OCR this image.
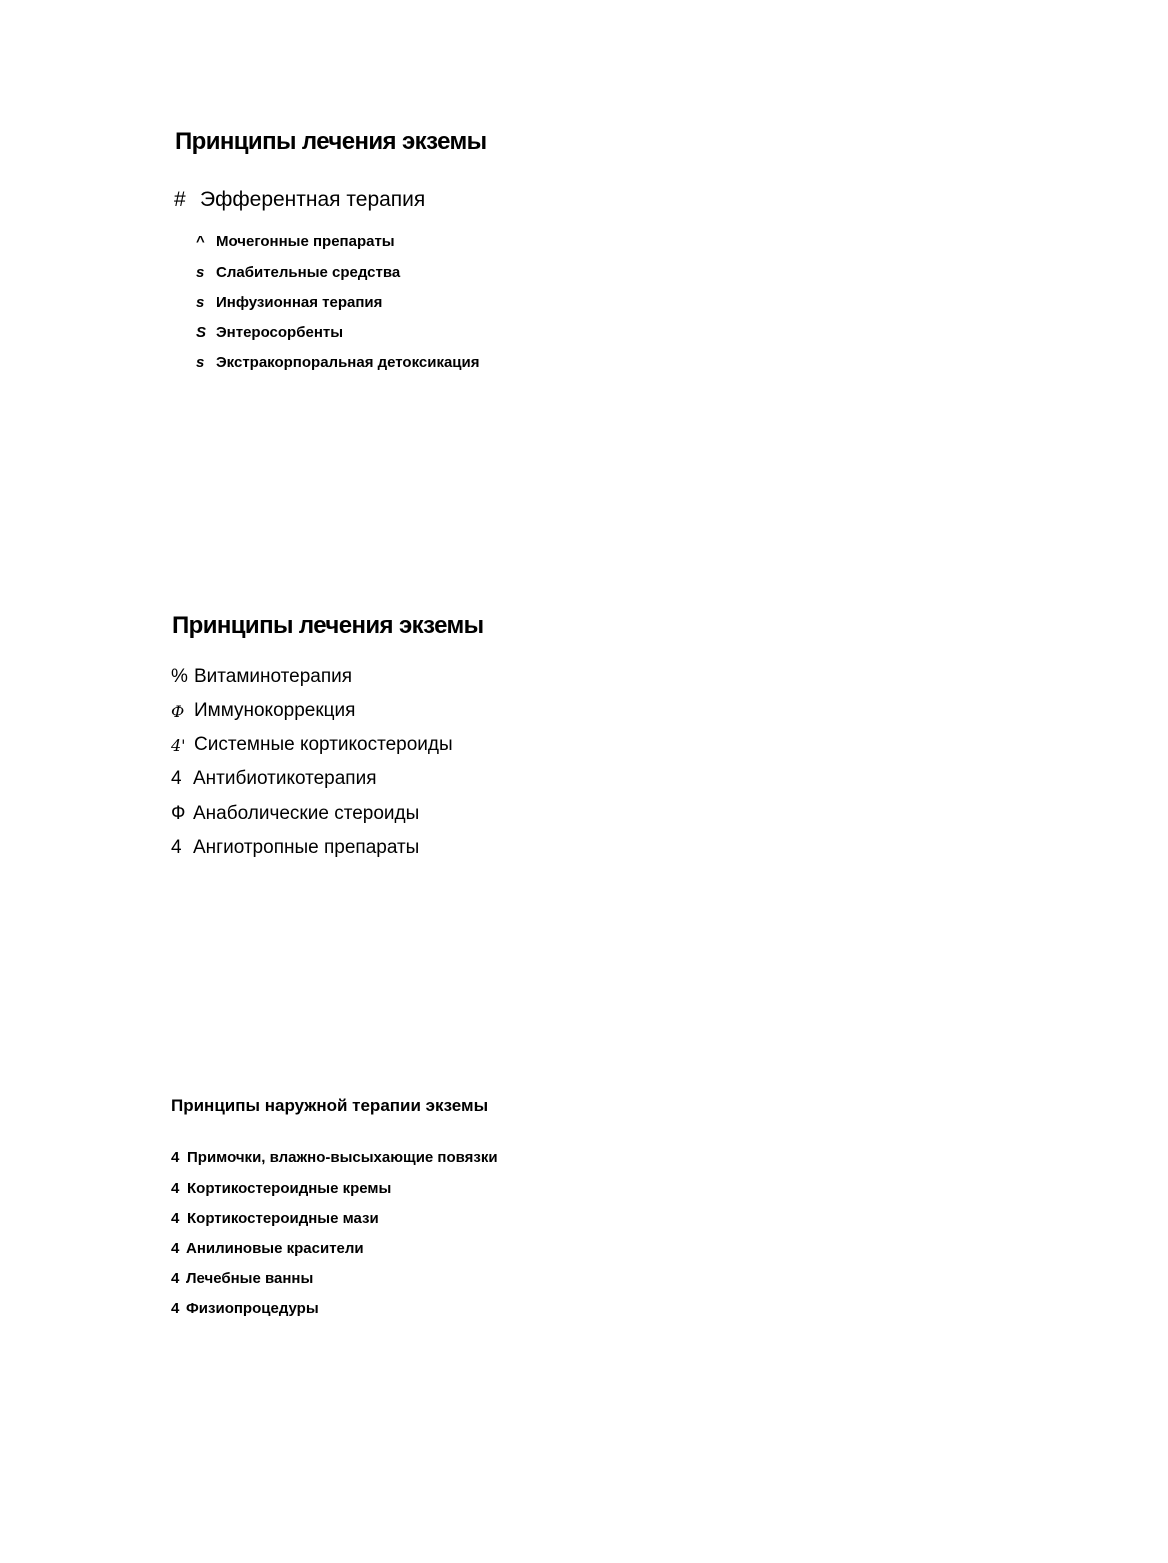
Принципы лечения экземы
# Эфферентная терапия
^ Мочегонные препараты
s Слабительные средства
s Инфузионная терапия
S Энтеросорбенты
s Экстракорпоральная детоксикация
Принципы лечения экземы
% Витаминотерапия
Ф Иммунокоррекция
4' Системные кортикостероиды
4 Антибиотикотерапия
Ф Анаболические стероиды
4 Ангиотропные препараты
Принципы наружной терапии экземы
4 Примочки, влажно-высыхающие повязки
4 Кортикостероидные кремы
4 Кортикостероидные мази
4 Анилиновые красители
4 Лечебные ванны
4 Физиопроцедуры
